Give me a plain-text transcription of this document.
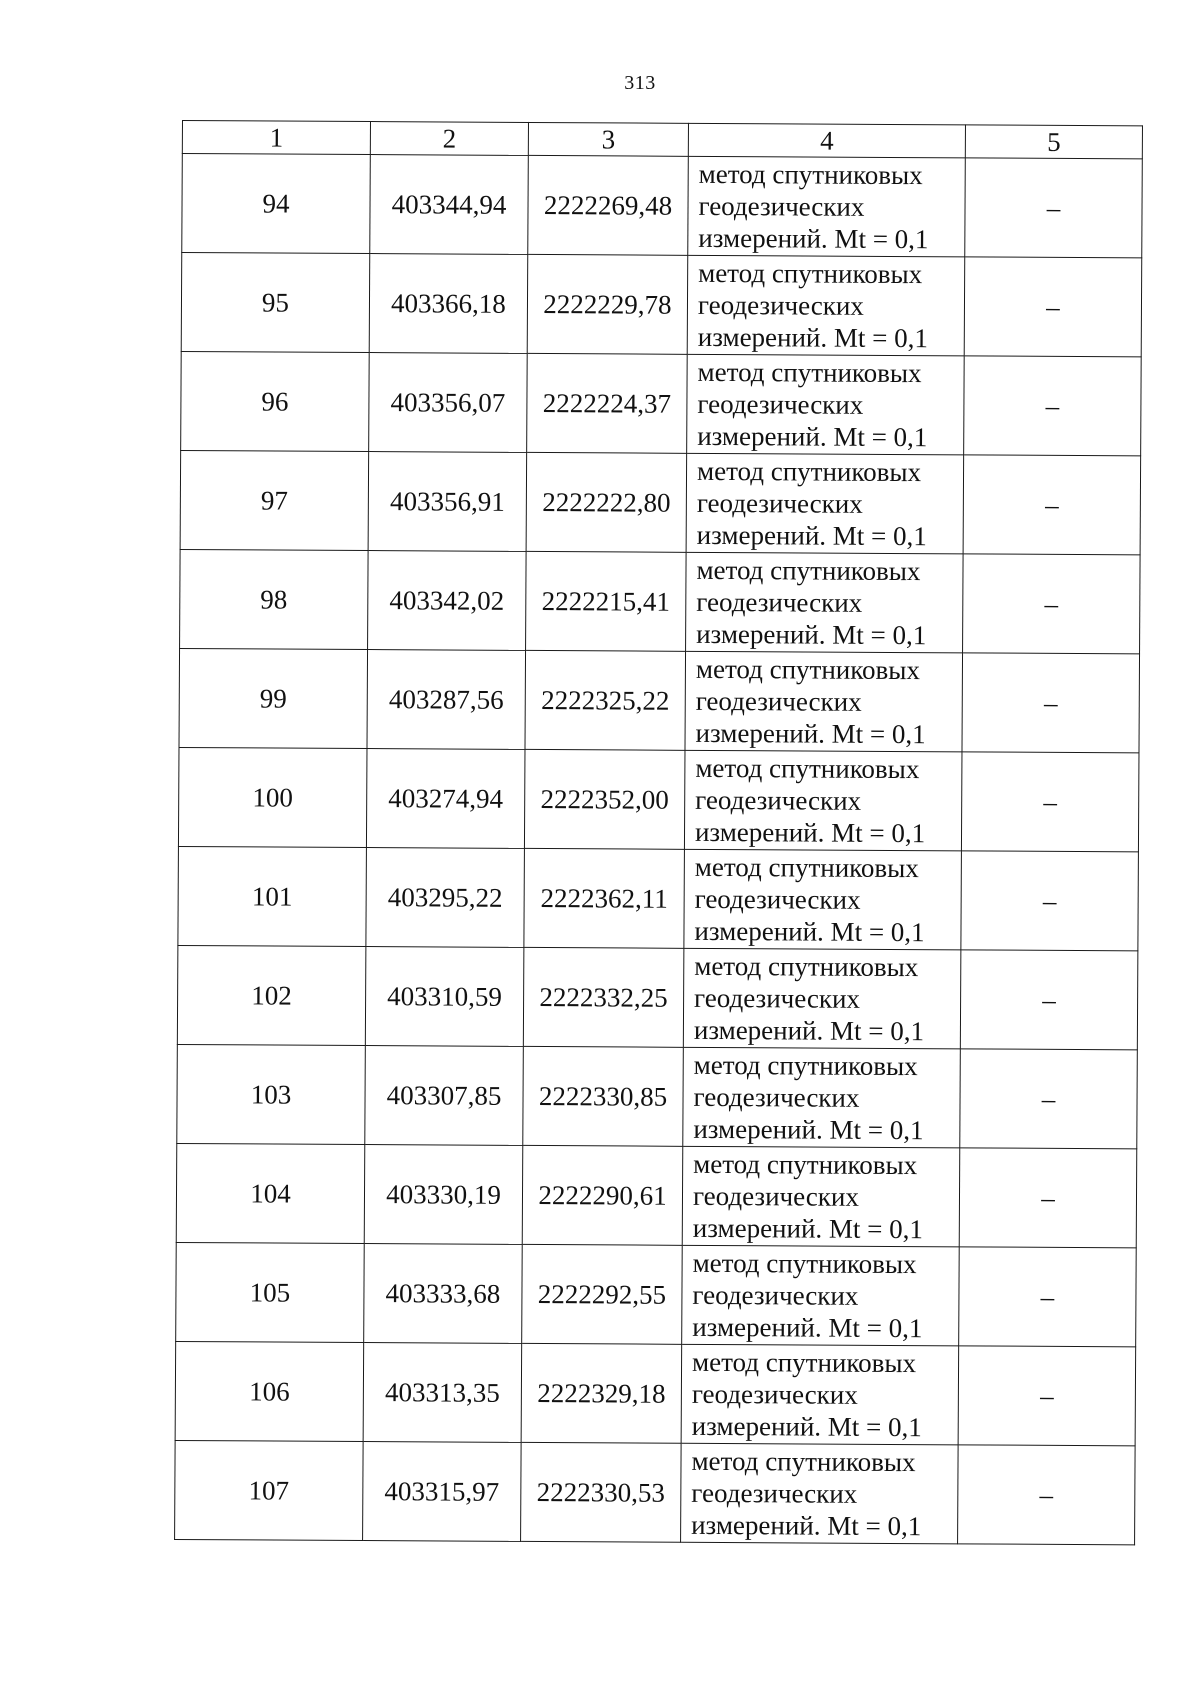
313
1	2	3	4	5
94	403344,94	2222269,48	метод спутниковых
геодезических
измерений. Mt = 0,1	–
95	403366,18	2222229,78	метод спутниковых
геодезических
измерений. Mt = 0,1	–
96	403356,07	2222224,37	метод спутниковых
геодезических
измерений. Mt = 0,1	–
97	403356,91	2222222,80	метод спутниковых
геодезических
измерений. Mt = 0,1	–
98	403342,02	2222215,41	метод спутниковых
геодезических
измерений. Mt = 0,1	–
99	403287,56	2222325,22	метод спутниковых
геодезических
измерений. Mt = 0,1	–
100	403274,94	2222352,00	метод спутниковых
геодезических
измерений. Mt = 0,1	–
101	403295,22	2222362,11	метод спутниковых
геодезических
измерений. Mt = 0,1	–
102	403310,59	2222332,25	метод спутниковых
геодезических
измерений. Mt = 0,1	–
103	403307,85	2222330,85	метод спутниковых
геодезических
измерений. Mt = 0,1	–
104	403330,19	2222290,61	метод спутниковых
геодезических
измерений. Mt = 0,1	–
105	403333,68	2222292,55	метод спутниковых
геодезических
измерений. Mt = 0,1	–
106	403313,35	2222329,18	метод спутниковых
геодезических
измерений. Mt = 0,1	–
107	403315,97	2222330,53	метод спутниковых
геодезических
измерений. Mt = 0,1	–
